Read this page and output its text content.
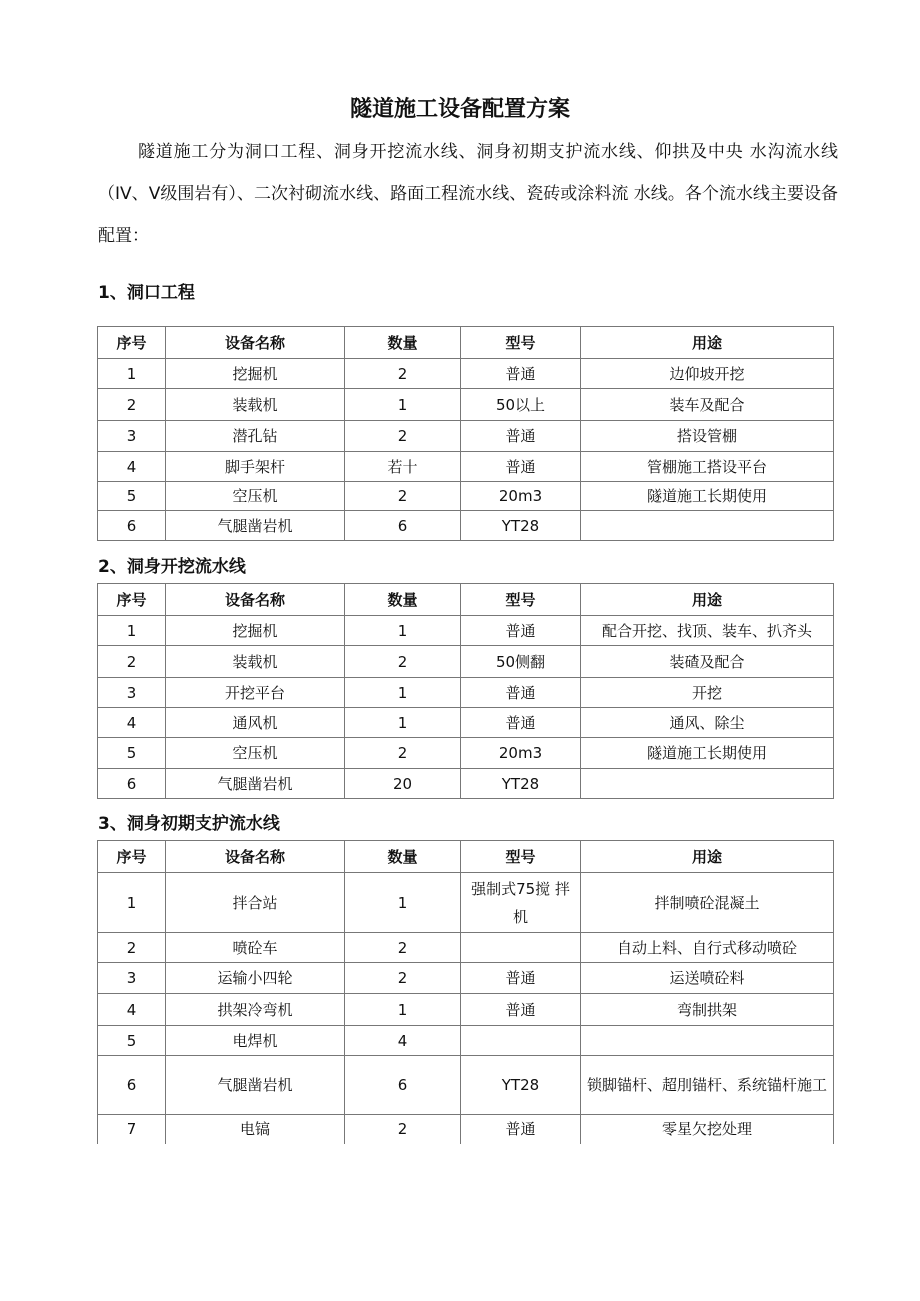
隧道施工设备配置方案
隧道施工分为洞口工程、洞身开挖流水线、洞身初期支护流水线、仰拱及中央 水沟流水线（IV、V级围岩有）、二次衬砌流水线、路面工程流水线、瓷砖或涂料流 水线。各个流水线主要设备配置：
1、洞口工程
序号	设备名称	数量	型号	用途
1	挖掘机	2	普通	边仰坡开挖
2	装载机	1	50以上	装车及配合
3	潜孔钻	2	普通	搭设管棚
4	脚手架杆	若十	普通	管棚施工搭设平台
5	空压机	2	20m3	隧道施工长期使用
6	气腿凿岩机	6	YT28	
2、洞身开挖流水线
序号	设备名称	数量	型号	用途
1	挖掘机	1	普通	配合开挖、找顶、装车、扒齐头
2	装载机	2	50侧翻	装碴及配合
3	开挖平台	1	普通	开挖
4	通风机	1	普通	通风、除尘
5	空压机	2	20m3	隧道施工长期使用
6	气腿凿岩机	20	YT28	
3、洞身初期支护流水线
序号	设备名称	数量	型号	用途
1	拌合站	1	强制式75搅 拌机	拌制喷砼混凝土
2	喷砼车	2		自动上料、自行式移动喷砼
3	运输小四轮	2	普通	运送喷砼料
4	拱架冷弯机	1	普通	弯制拱架
5	电焊机	4		
6	气腿凿岩机	6	YT28	锁脚锚杆、超刖锚杆、系统锚杆施工
7	电镐	2	普通	零星欠挖处理
